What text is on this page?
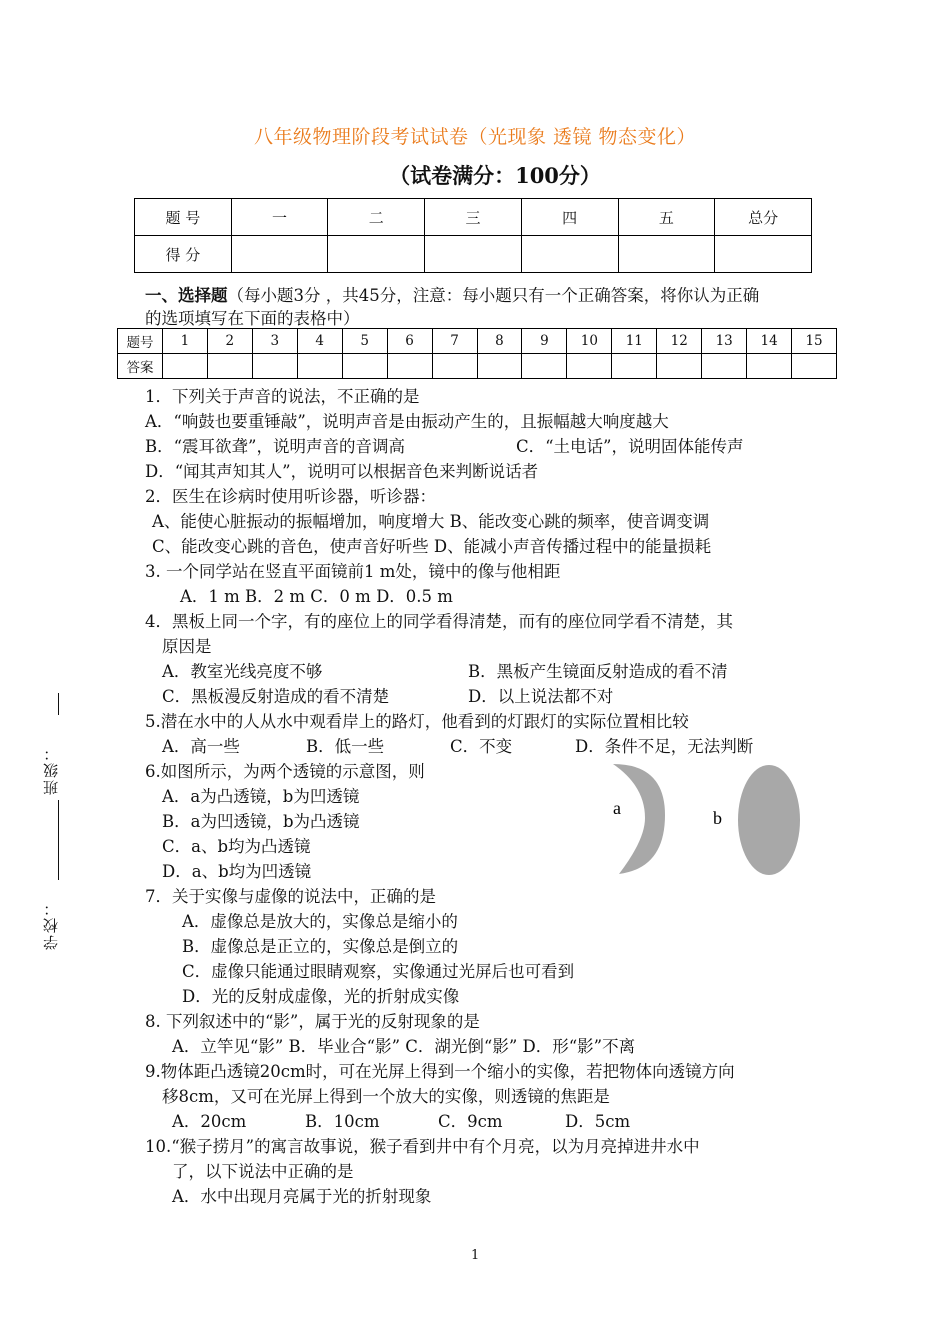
八年级物理阶段考试试卷（光现象 透镜 物态变化）
（试卷满分：100分）
题 号	一	二	三	四	五	总分
得 分						
一、选择题（每小题3分 ，共45分，注意：每小题只有一个正确答案，将你认为正确
的选项填写在下面的表格中）
题号	1	2	3	4	5	6	7	8	9	10	11	12	13	14	15
答案															
1．下列关于声音的说法，不正确的是
A．“响鼓也要重锤敲”，说明声音是由振动产生的，且振幅越大响度越大
B．“震耳欲聋”，说明声音的音调高	C．“土电话”，说明固体能传声
D．“闻其声知其人”，说明可以根据音色来判断说话者
2．医生在诊病时使用听诊器，听诊器：
A、能使心脏振动的振幅增加，响度增大 B、能改变心跳的频率，使音调变调
C、能改变心跳的音色，使声音好听些 D、能减小声音传播过程中的能量损耗
3. 一个同学站在竖直平面镜前1 m处，镜中的像与他相距
A．1 m B．2 m C．0 m D．0.5 m
4．黑板上同一个字，有的座位上的同学看得清楚，而有的座位同学看不清楚，其
原因是
A．教室光线亮度不够	B．黑板产生镜面反射造成的看不清
C．黑板漫反射造成的看不清楚	D．以上说法都不对
5.潜在水中的人从水中观看岸上的路灯，他看到的灯跟灯的实际位置相比较
A．高一些	B．低一些	C．不变	D．条件不足，无法判断
6.如图所示，为两个透镜的示意图，则
A．a为凸透镜，b为凹透镜
B．a为凹透镜，b为凸透镜
C．a、b均为凸透镜
D．a、b均为凹透镜
a	b
7．关于实像与虚像的说法中，正确的是
A．虚像总是放大的，实像总是缩小的
B．虚像总是正立的，实像总是倒立的
C．虚像只能通过眼睛观察，实像通过光屏后也可看到
D．光的反射成虚像，光的折射成实像
8. 下列叙述中的“影”，属于光的反射现象的是
A．立竿见“影” B．毕业合“影” C．湖光倒“影” D．形“影”不离
9.物体距凸透镜20cm时，可在光屏上得到一个缩小的实像，若把物体向透镜方向
移8cm，又可在光屏上得到一个放大的实像，则透镜的焦距是
A．20cm	B．10cm	C．9cm	D．5cm
10.“猴子捞月”的寓言故事说，猴子看到井中有个月亮，以为月亮掉进井水中
了，以下说法中正确的是
A．水中出现月亮属于光的折射现象
班级：
学校：
1
